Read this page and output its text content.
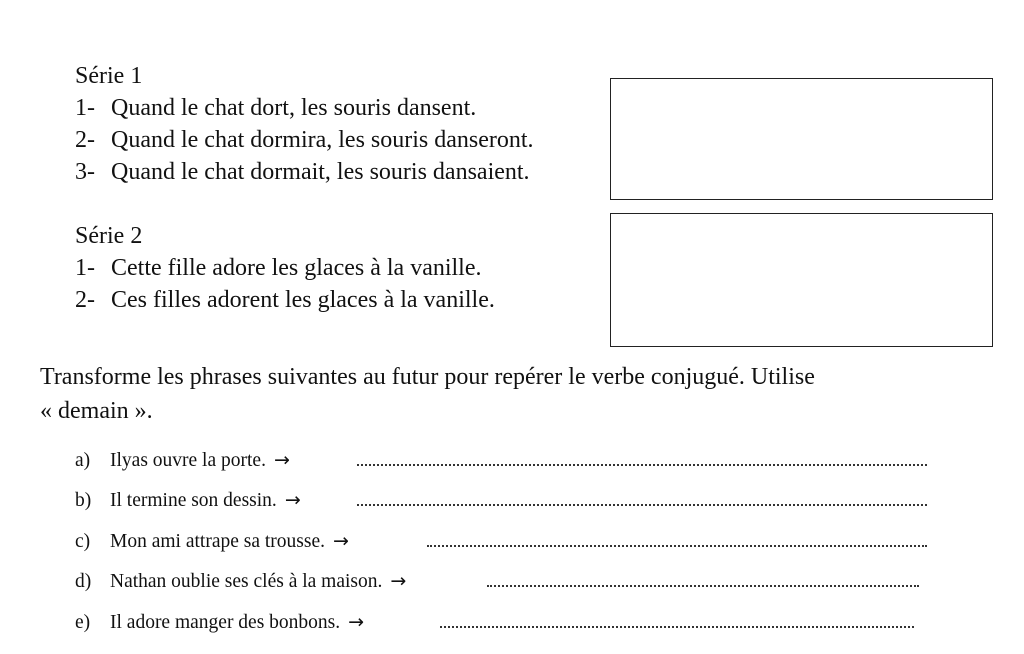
Série 1
1- Quand le chat dort, les souris dansent.
2- Quand le chat dormira, les souris danseront.
3- Quand le chat dormait, les souris dansaient.
Série 2
1- Cette fille adore les glaces à la vanille.
2- Ces filles adorent les glaces à la vanille.
Transforme les phrases suivantes au futur pour repérer le verbe conjugué. Utilise
« demain ».
a) Ilyas ouvre la porte. →
b) Il termine son dessin. →
c) Mon ami attrape sa trousse. →
d) Nathan oublie ses clés à la maison. →
e) Il adore manger des bonbons. →
